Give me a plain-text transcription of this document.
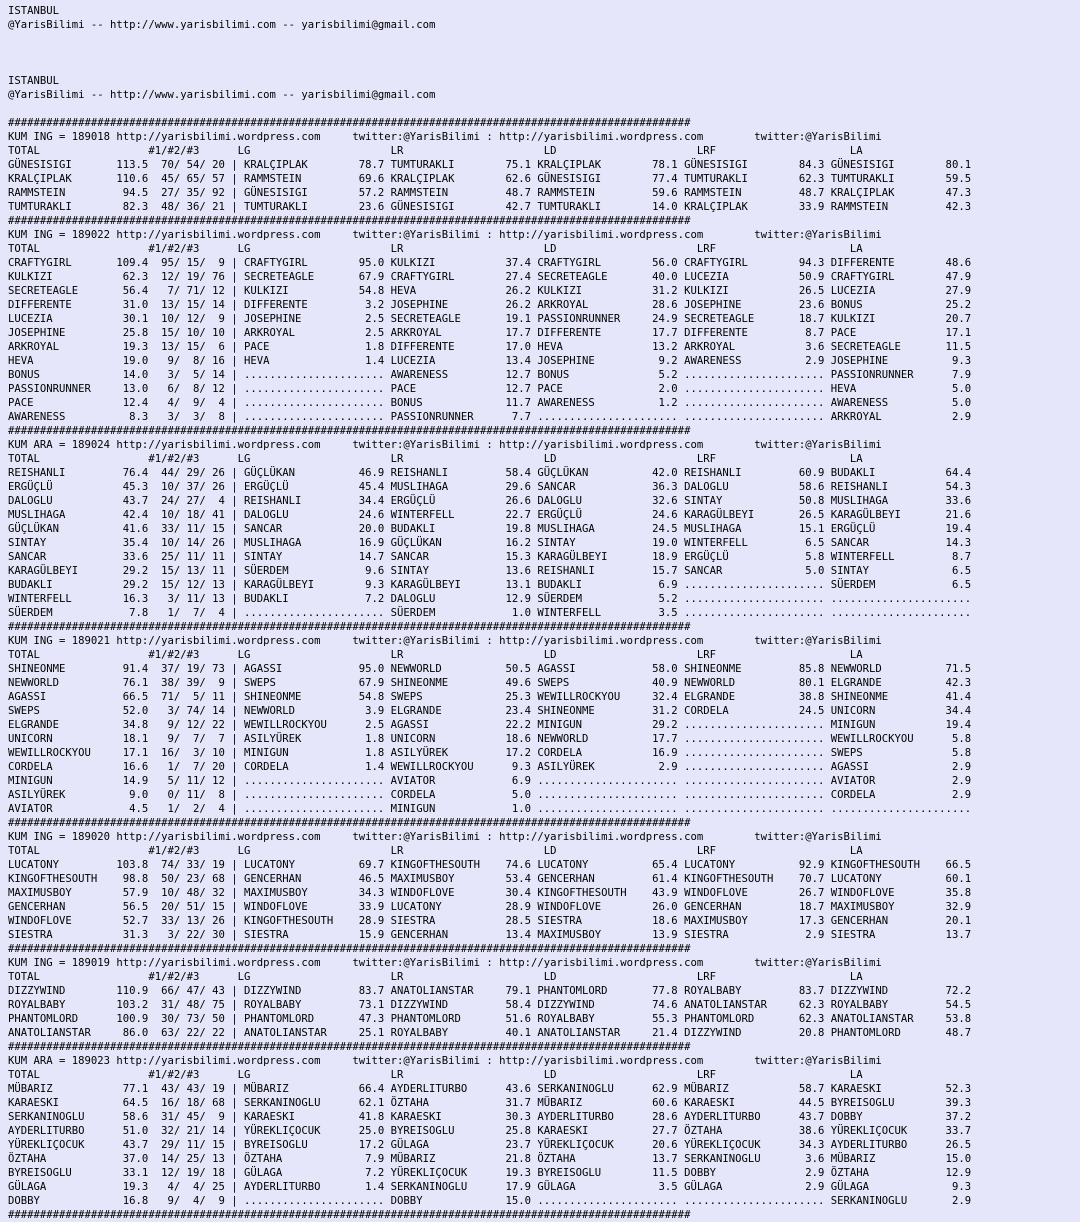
ISTANBUL
@YarisBilimi -- http://www.yarisbilimi.com -- yarisbilimi@gmail.com

ISTANBUL
@YarisBilimi -- http://www.yarisbilimi.com -- yarisbilimi@gmail.com

###########################################################################################################
KUM ING = 189018 http://yarisbilimi.wordpress.com     twitter:@YarisBilimi : http://yarisbilimi.wordpress.com        twitter:@YarisBilimi
TOTAL                 #1/#2/#3      LG                      LR                      LD                      LRF                     LA
GÜNESISIGI       113.5  70/ 54/ 20 | KRALÇIPLAK        78.7 TUMTURAKLI        75.1 KRALÇIPLAK        78.1 GÜNESISIGI        84.3 GÜNESISIGI        80.1
KRALÇIPLAK       110.6  45/ 65/ 57 | RAMMSTEIN         69.6 KRALÇIPLAK        62.6 GÜNESISIGI        77.4 TUMTURAKLI        62.3 TUMTURAKLI        59.5
RAMMSTEIN         94.5  27/ 35/ 92 | GÜNESISIGI        57.2 RAMMSTEIN         48.7 RAMMSTEIN         59.6 RAMMSTEIN         48.7 KRALÇIPLAK        47.3
TUMTURAKLI        82.3  48/ 36/ 21 | TUMTURAKLI        23.6 GÜNESISIGI        42.7 TUMTURAKLI        14.0 KRALÇIPLAK        33.9 RAMMSTEIN         42.3
###########################################################################################################
KUM ING = 189022 http://yarisbilimi.wordpress.com     twitter:@YarisBilimi : http://yarisbilimi.wordpress.com        twitter:@YarisBilimi
TOTAL                 #1/#2/#3      LG                      LR                      LD                      LRF                     LA
CRAFTYGIRL       109.4  95/ 15/  9 | CRAFTYGIRL        95.0 KULKIZI           37.4 CRAFTYGIRL        56.0 CRAFTYGIRL        94.3 DIFFERENTE        48.6
KULKIZI           62.3  12/ 19/ 76 | SECRETEAGLE       67.9 CRAFTYGIRL        27.4 SECRETEAGLE       40.0 LUCEZIA           50.9 CRAFTYGIRL        47.9
SECRETEAGLE       56.4   7/ 71/ 12 | KULKIZI           54.8 HEVA              26.2 KULKIZI           31.2 KULKIZI           26.5 LUCEZIA           27.9
DIFFERENTE        31.0  13/ 15/ 14 | DIFFERENTE         3.2 JOSEPHINE         26.2 ARKROYAL          28.6 JOSEPHINE         23.6 BONUS             25.2
LUCEZIA           30.1  10/ 12/  9 | JOSEPHINE          2.5 SECRETEAGLE       19.1 PASSIONRUNNER     24.9 SECRETEAGLE       18.7 KULKIZI           20.7
JOSEPHINE         25.8  15/ 10/ 10 | ARKROYAL           2.5 ARKROYAL          17.7 DIFFERENTE        17.7 DIFFERENTE         8.7 PACE              17.1
ARKROYAL          19.3  13/ 15/  6 | PACE               1.8 DIFFERENTE        17.0 HEVA              13.2 ARKROYAL           3.6 SECRETEAGLE       11.5
HEVA              19.0   9/  8/ 16 | HEVA               1.4 LUCEZIA           13.4 JOSEPHINE          9.2 AWARENESS          2.9 JOSEPHINE          9.3
BONUS             14.0   3/  5/ 14 | ...................... AWARENESS         12.7 BONUS              5.2 ...................... PASSIONRUNNER      7.9
PASSIONRUNNER     13.0   6/  8/ 12 | ...................... PACE              12.7 PACE               2.0 ...................... HEVA               5.0
PACE              12.4   4/  9/  4 | ...................... BONUS             11.7 AWARENESS          1.2 ...................... AWARENESS          5.0
AWARENESS          8.3   3/  3/  8 | ...................... PASSIONRUNNER      7.7 ...................... ...................... ARKROYAL           2.9
###########################################################################################################
KUM ARA = 189024 http://yarisbilimi.wordpress.com     twitter:@YarisBilimi : http://yarisbilimi.wordpress.com        twitter:@YarisBilimi
TOTAL                 #1/#2/#3      LG                      LR                      LD                      LRF                     LA
REISHANLI         76.4  44/ 29/ 26 | GÜÇLÜKAN          46.9 REISHANLI         58.4 GÜÇLÜKAN          42.0 REISHANLI         60.9 BUDAKLI           64.4
ERGÜÇLÜ           45.3  10/ 37/ 26 | ERGÜÇLÜ           45.4 MUSLIHAGA         29.6 SANCAR            36.3 DALOGLU           58.6 REISHANLI         54.3
DALOGLU           43.7  24/ 27/  4 | REISHANLI         34.4 ERGÜÇLÜ           26.6 DALOGLU           32.6 SINTAY            50.8 MUSLIHAGA         33.6
MUSLIHAGA         42.4  10/ 18/ 41 | DALOGLU           24.6 WINTERFELL        22.7 ERGÜÇLÜ           24.6 KARAGÜLBEYI       26.5 KARAGÜLBEYI       21.6
GÜÇLÜKAN          41.6  33/ 11/ 15 | SANCAR            20.0 BUDAKLI           19.8 MUSLIHAGA         24.5 MUSLIHAGA         15.1 ERGÜÇLÜ           19.4
SINTAY            35.4  10/ 14/ 26 | MUSLIHAGA         16.9 GÜÇLÜKAN          16.2 SINTAY            19.0 WINTERFELL         6.5 SANCAR            14.3
SANCAR            33.6  25/ 11/ 11 | SINTAY            14.7 SANCAR            15.3 KARAGÜLBEYI       18.9 ERGÜÇLÜ            5.8 WINTERFELL         8.7
KARAGÜLBEYI       29.2  15/ 13/ 11 | SÜERDEM            9.6 SINTAY            13.6 REISHANLI         15.7 SANCAR             5.0 SINTAY             6.5
BUDAKLI           29.2  15/ 12/ 13 | KARAGÜLBEYI        9.3 KARAGÜLBEYI       13.1 BUDAKLI            6.9 ...................... SÜERDEM            6.5
WINTERFELL        16.3   3/ 11/ 13 | BUDAKLI            7.2 DALOGLU           12.9 SÜERDEM            5.2 ...................... ......................
SÜERDEM            7.8   1/  7/  4 | ...................... SÜERDEM            1.0 WINTERFELL         3.5 ...................... ......................
###########################################################################################################
KUM ING = 189021 http://yarisbilimi.wordpress.com     twitter:@YarisBilimi : http://yarisbilimi.wordpress.com        twitter:@YarisBilimi
TOTAL                 #1/#2/#3      LG                      LR                      LD                      LRF                     LA
SHINEONME         91.4  37/ 19/ 73 | AGASSI            95.0 NEWWORLD          50.5 AGASSI            58.0 SHINEONME         85.8 NEWWORLD          71.5
NEWWORLD          76.1  38/ 39/  9 | SWEPS             67.9 SHINEONME         49.6 SWEPS             40.9 NEWWORLD          80.1 ELGRANDE          42.3
AGASSI            66.5  71/  5/ 11 | SHINEONME         54.8 SWEPS             25.3 WEWILLROCKYOU     32.4 ELGRANDE          38.8 SHINEONME         41.4
SWEPS             52.0   3/ 74/ 14 | NEWWORLD           3.9 ELGRANDE          23.4 SHINEONME         31.2 CORDELA           24.5 UNICORN           34.4
ELGRANDE          34.8   9/ 12/ 22 | WEWILLROCKYOU      2.5 AGASSI            22.2 MINIGUN           29.2 ...................... MINIGUN           19.4
UNICORN           18.1   9/  7/  7 | ASILYÜREK          1.8 UNICORN           18.6 NEWWORLD          17.7 ...................... WEWILLROCKYOU      5.8
WEWILLROCKYOU     17.1  16/  3/ 10 | MINIGUN            1.8 ASILYÜREK         17.2 CORDELA           16.9 ...................... SWEPS              5.8
CORDELA           16.6   1/  7/ 20 | CORDELA            1.4 WEWILLROCKYOU      9.3 ASILYÜREK          2.9 ...................... AGASSI             2.9
MINIGUN           14.9   5/ 11/ 12 | ...................... AVIATOR            6.9 ...................... ...................... AVIATOR            2.9
ASILYÜREK          9.0   0/ 11/  8 | ...................... CORDELA            5.0 ...................... ...................... CORDELA            2.9
AVIATOR            4.5   1/  2/  4 | ...................... MINIGUN            1.0 ...................... ...................... ......................
###########################################################################################################
KUM ING = 189020 http://yarisbilimi.wordpress.com     twitter:@YarisBilimi : http://yarisbilimi.wordpress.com        twitter:@YarisBilimi
TOTAL                 #1/#2/#3      LG                      LR                      LD                      LRF                     LA
LUCATONY         103.8  74/ 33/ 19 | LUCATONY          69.7 KINGOFTHESOUTH    74.6 LUCATONY          65.4 LUCATONY          92.9 KINGOFTHESOUTH    66.5
KINGOFTHESOUTH    98.8  50/ 23/ 68 | GENCERHAN         46.5 MAXIMUSBOY        53.4 GENCERHAN         61.4 KINGOFTHESOUTH    70.7 LUCATONY          60.1
MAXIMUSBOY        57.9  10/ 48/ 32 | MAXIMUSBOY        34.3 WINDOFLOVE        30.4 KINGOFTHESOUTH    43.9 WINDOFLOVE        26.7 WINDOFLOVE        35.8
GENCERHAN         56.5  20/ 51/ 15 | WINDOFLOVE        33.9 LUCATONY          28.9 WINDOFLOVE        26.0 GENCERHAN         18.7 MAXIMUSBOY        32.9
WINDOFLOVE        52.7  33/ 13/ 26 | KINGOFTHESOUTH    28.9 SIESTRA           28.5 SIESTRA           18.6 MAXIMUSBOY        17.3 GENCERHAN         20.1
SIESTRA           31.3   3/ 22/ 30 | SIESTRA           15.9 GENCERHAN         13.4 MAXIMUSBOY        13.9 SIESTRA            2.9 SIESTRA           13.7
###########################################################################################################
KUM ING = 189019 http://yarisbilimi.wordpress.com     twitter:@YarisBilimi : http://yarisbilimi.wordpress.com        twitter:@YarisBilimi
TOTAL                 #1/#2/#3      LG                      LR                      LD                      LRF                     LA
DIZZYWIND        110.9  66/ 47/ 43 | DIZZYWIND         83.7 ANATOLIANSTAR     79.1 PHANTOMLORD       77.8 ROYALBABY         83.7 DIZZYWIND         72.2
ROYALBABY        103.2  31/ 48/ 75 | ROYALBABY         73.1 DIZZYWIND         58.4 DIZZYWIND         74.6 ANATOLIANSTAR     62.3 ROYALBABY         54.5
PHANTOMLORD      100.9  30/ 73/ 50 | PHANTOMLORD       47.3 PHANTOMLORD       51.6 ROYALBABY         55.3 PHANTOMLORD       62.3 ANATOLIANSTAR     53.8
ANATOLIANSTAR     86.0  63/ 22/ 22 | ANATOLIANSTAR     25.1 ROYALBABY         40.1 ANATOLIANSTAR     21.4 DIZZYWIND         20.8 PHANTOMLORD       48.7
###########################################################################################################
KUM ARA = 189023 http://yarisbilimi.wordpress.com     twitter:@YarisBilimi : http://yarisbilimi.wordpress.com        twitter:@YarisBilimi
TOTAL                 #1/#2/#3      LG                      LR                      LD                      LRF                     LA
MÜBARIZ           77.1  43/ 43/ 19 | MÜBARIZ           66.4 AYDERLITURBO      43.6 SERKANINOGLU      62.9 MÜBARIZ           58.7 KARAESKI          52.3
KARAESKI          64.5  16/ 18/ 68 | SERKANINOGLU      62.1 ÖZTAHA            31.7 MÜBARIZ           60.6 KARAESKI          44.5 BYREISOGLU        39.3
SERKANINOGLU      58.6  31/ 45/  9 | KARAESKI          41.8 KARAESKI          30.3 AYDERLITURBO      28.6 AYDERLITURBO      43.7 DOBBY             37.2
AYDERLITURBO      51.0  32/ 21/ 14 | YÜREKLIÇOCUK      25.0 BYREISOGLU        25.8 KARAESKI          27.7 ÖZTAHA            38.6 YÜREKLIÇOCUK      33.7
YÜREKLIÇOCUK      43.7  29/ 11/ 15 | BYREISOGLU        17.2 GÜLAGA            23.7 YÜREKLIÇOCUK      20.6 YÜREKLIÇOCUK      34.3 AYDERLITURBO      26.5
ÖZTAHA            37.0  14/ 25/ 13 | ÖZTAHA             7.9 MÜBARIZ           21.8 ÖZTAHA            13.7 SERKANINOGLU       3.6 MÜBARIZ           15.0
BYREISOGLU        33.1  12/ 19/ 18 | GÜLAGA             7.2 YÜREKLIÇOCUK      19.3 BYREISOGLU        11.5 DOBBY              2.9 ÖZTAHA            12.9
GÜLAGA            19.3   4/  4/ 25 | AYDERLITURBO       1.4 SERKANINOGLU      17.9 GÜLAGA             3.5 GÜLAGA             2.9 GÜLAGA             9.3
DOBBY             16.8   9/  4/  9 | ...................... DOBBY             15.0 ...................... ...................... SERKANINOGLU       2.9
###########################################################################################################
